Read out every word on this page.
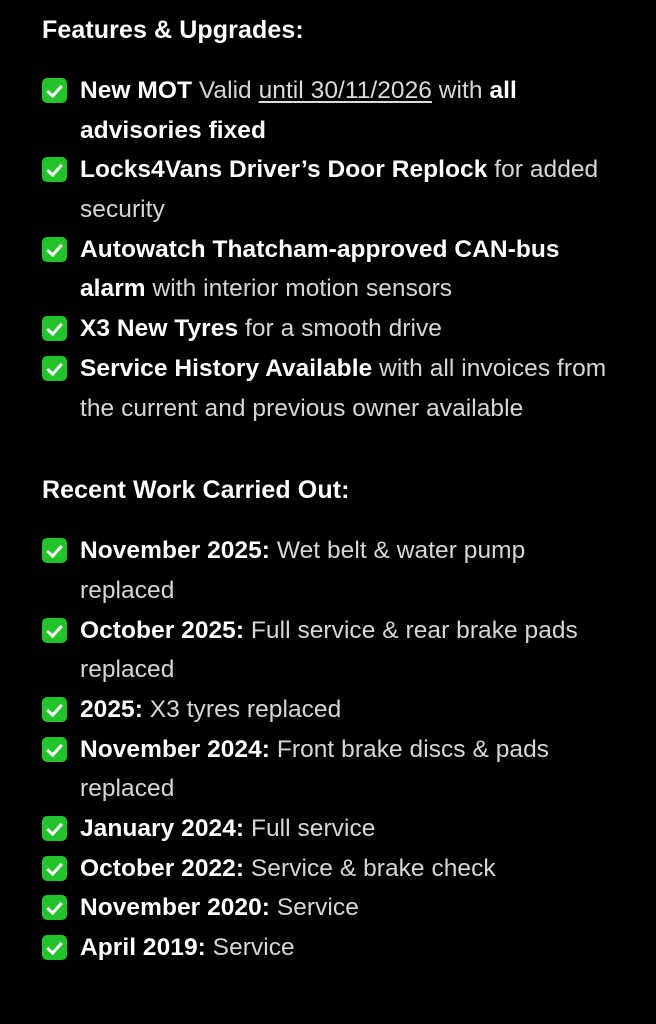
Features & Upgrades:
New MOT Valid until 30/11/2026 with all advisories fixed
Locks4Vans Driver’s Door Replock for added security
Autowatch Thatcham-approved CAN-bus alarm with interior motion sensors
X3 New Tyres for a smooth drive
Service History Available with all invoices from the current and previous owner available
Recent Work Carried Out:
November 2025: Wet belt & water pump replaced
October 2025: Full service & rear brake pads replaced
2025: X3 tyres replaced
November 2024: Front brake discs & pads replaced
January 2024: Full service
October 2022: Service & brake check
November 2020: Service
April 2019: Service
